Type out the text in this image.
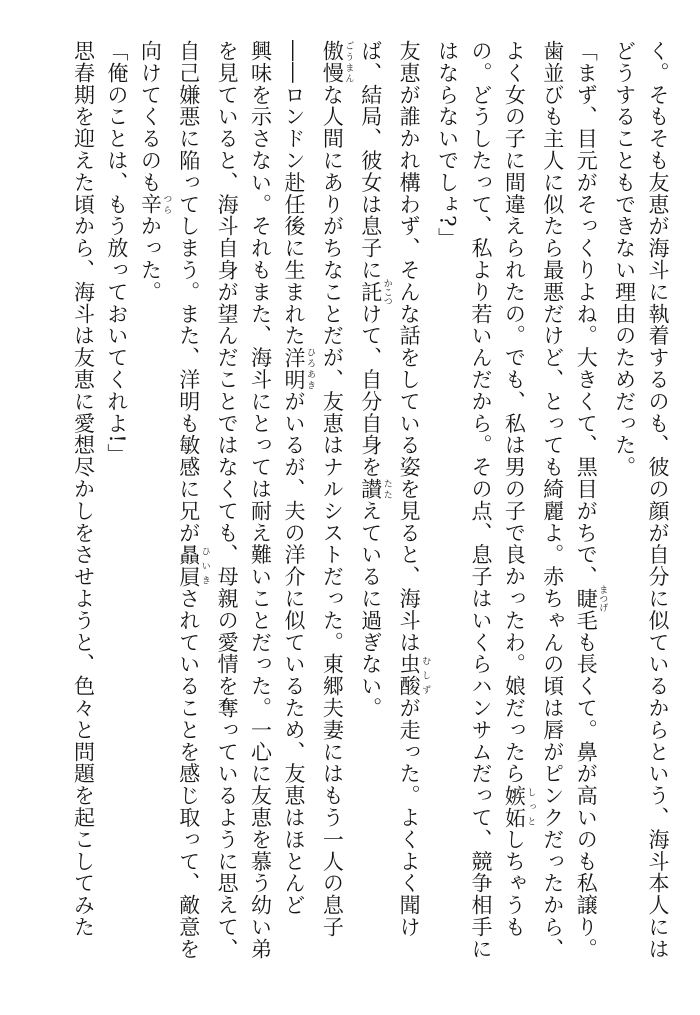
く。そもそも友恵が海斗に執着するのも、彼の顔が自分に似ているからという、海斗本人には
どうすることもできない理由のためだった。
「まず、目元がそっくりよね。大きくて、黒目がちで、睫 まつげ毛も長くて。鼻が高いのも私譲り。
歯並びも主人に似たら最悪だけど、とっても綺麗よ。赤ちゃんの頃は唇がピンクだったから、
よく女の子に間違えられたの。でも、私は男の子で良かったわ。娘だったら嫉妬 しっとしちゃうも
の。どうしたって、私より若いんだから。その点、息子はいくらハンサムだって、競争相手に
はならないでしょ?」
友恵が誰かれ構わず、そんな話をしている姿を見ると、海斗は虫酸 むしずが走った。よくよく聞け
ば、結局、彼女は息子に託 かこつけて、自分自身を讃 たたえているに過ぎない。
傲慢 ごうまんな人間にありがちなことだが、友恵はナルシストだった。東郷夫妻にはもう一人の息子
――ロンドン赴任後に生まれた洋明 ひろあきがいるが、夫の洋介に似ているため、友恵はほとんど
興味を示さない。それもまた、海斗にとっては耐え難いことだった。一心に友恵を慕う幼い弟
を見ていると、海斗自身が望んだことではなくても、母親の愛情を奪っているように思えて、
自己嫌悪に陥ってしまう。また、洋明も敏感に兄が贔屓 ひいきされていることを感じ取って、敵意を
向けてくるのも辛 つらかった。
「俺のことは、もう放っておいてくれよ!」
思春期を迎えた頃から、海斗は友恵に愛想尽かしをさせようと、色々と問題を起こしてみた
